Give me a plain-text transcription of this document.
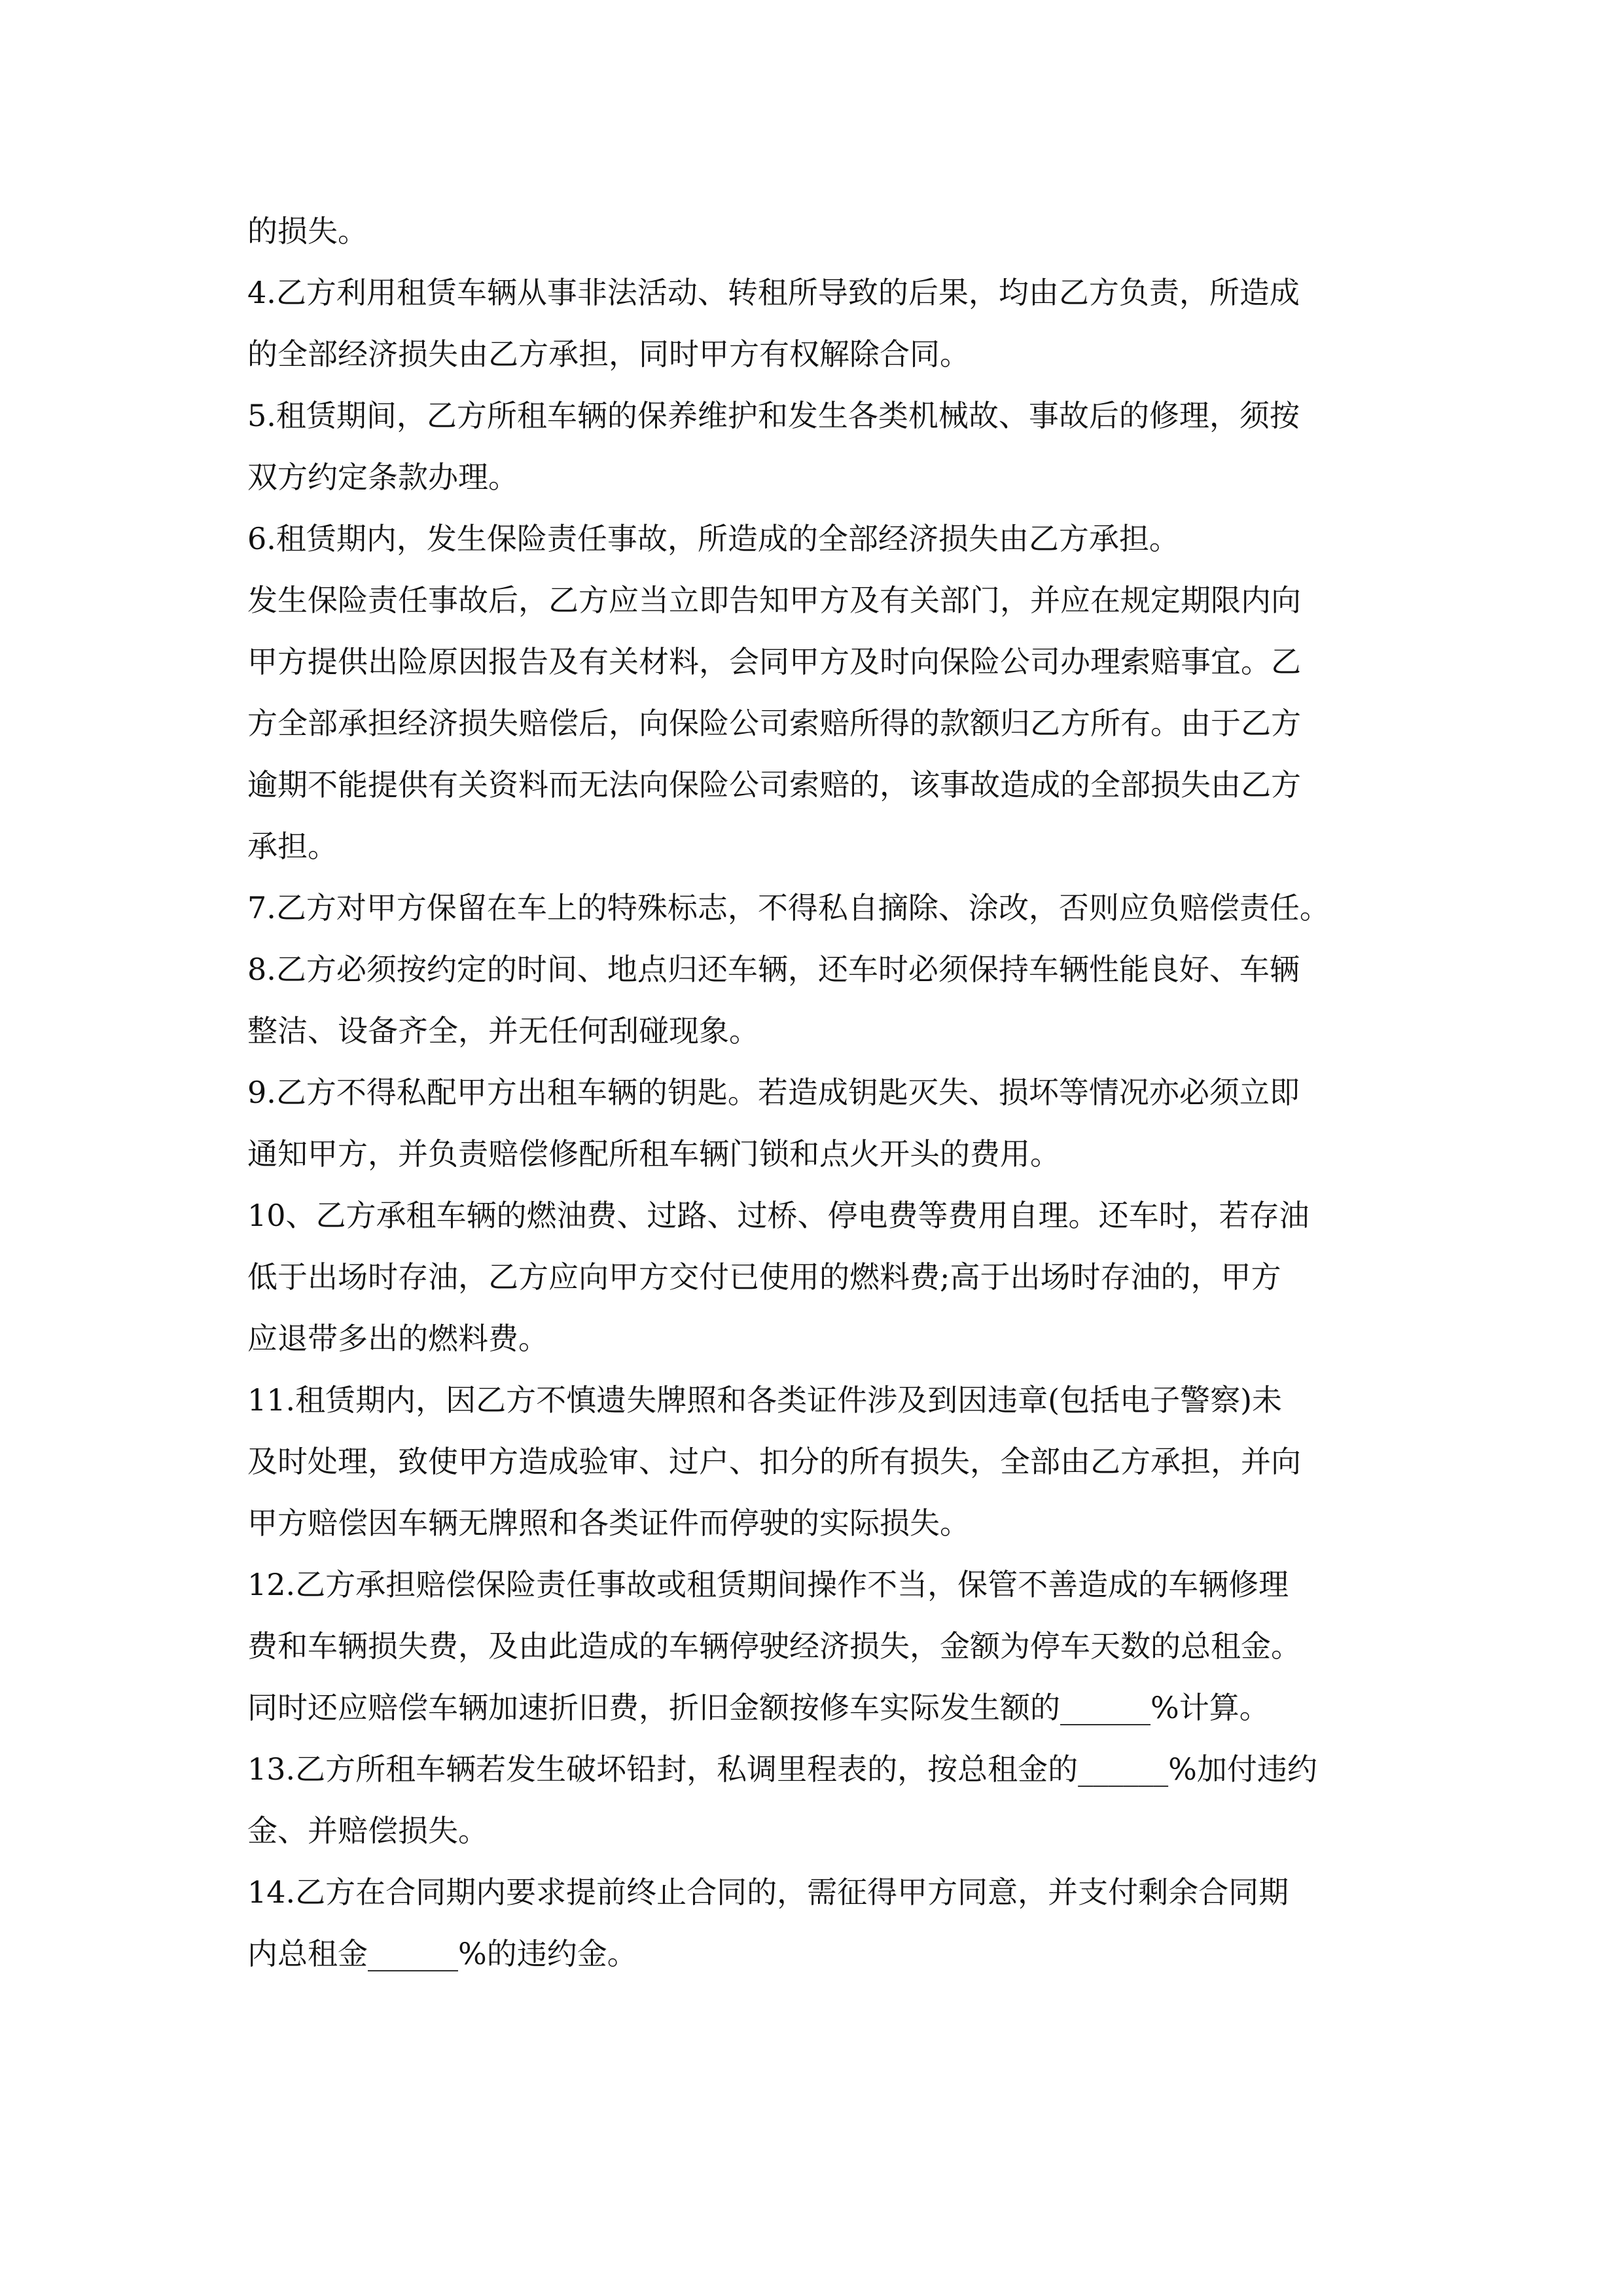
的损失。
4.乙方利用租赁车辆从事非法活动、转租所导致的后果，均由乙方负责，所造成
的全部经济损失由乙方承担，同时甲方有权解除合同。
5.租赁期间，乙方所租车辆的保养维护和发生各类机械故、事故后的修理，须按
双方约定条款办理。
6.租赁期内，发生保险责任事故，所造成的全部经济损失由乙方承担。
发生保险责任事故后，乙方应当立即告知甲方及有关部门，并应在规定期限内向
甲方提供出险原因报告及有关材料，会同甲方及时向保险公司办理索赔事宜。乙
方全部承担经济损失赔偿后，向保险公司索赔所得的款额归乙方所有。由于乙方
逾期不能提供有关资料而无法向保险公司索赔的，该事故造成的全部损失由乙方
承担。
7.乙方对甲方保留在车上的特殊标志，不得私自摘除、涂改，否则应负赔偿责任。
8.乙方必须按约定的时间、地点归还车辆，还车时必须保持车辆性能良好、车辆
整洁、设备齐全，并无任何刮碰现象。
9.乙方不得私配甲方出租车辆的钥匙。若造成钥匙灭失、损坏等情况亦必须立即
通知甲方，并负责赔偿修配所租车辆门锁和点火开头的费用。
10、乙方承租车辆的燃油费、过路、过桥、停电费等费用自理。还车时，若存油
低于出场时存油，乙方应向甲方交付已使用的燃料费;高于出场时存油的，甲方
应退带多出的燃料费。
11.租赁期内，因乙方不慎遗失牌照和各类证件涉及到因违章(包括电子警察)未
及时处理，致使甲方造成验审、过户、扣分的所有损失，全部由乙方承担，并向
甲方赔偿因车辆无牌照和各类证件而停驶的实际损失。
12.乙方承担赔偿保险责任事故或租赁期间操作不当，保管不善造成的车辆修理
费和车辆损失费，及由此造成的车辆停驶经济损失，金额为停车天数的总租金。
同时还应赔偿车辆加速折旧费，折旧金额按修车实际发生额的______%计算。
13.乙方所租车辆若发生破坏铅封，私调里程表的，按总租金的______%加付违约
金、并赔偿损失。
14.乙方在合同期内要求提前终止合同的，需征得甲方同意，并支付剩余合同期
内总租金______%的违约金。
